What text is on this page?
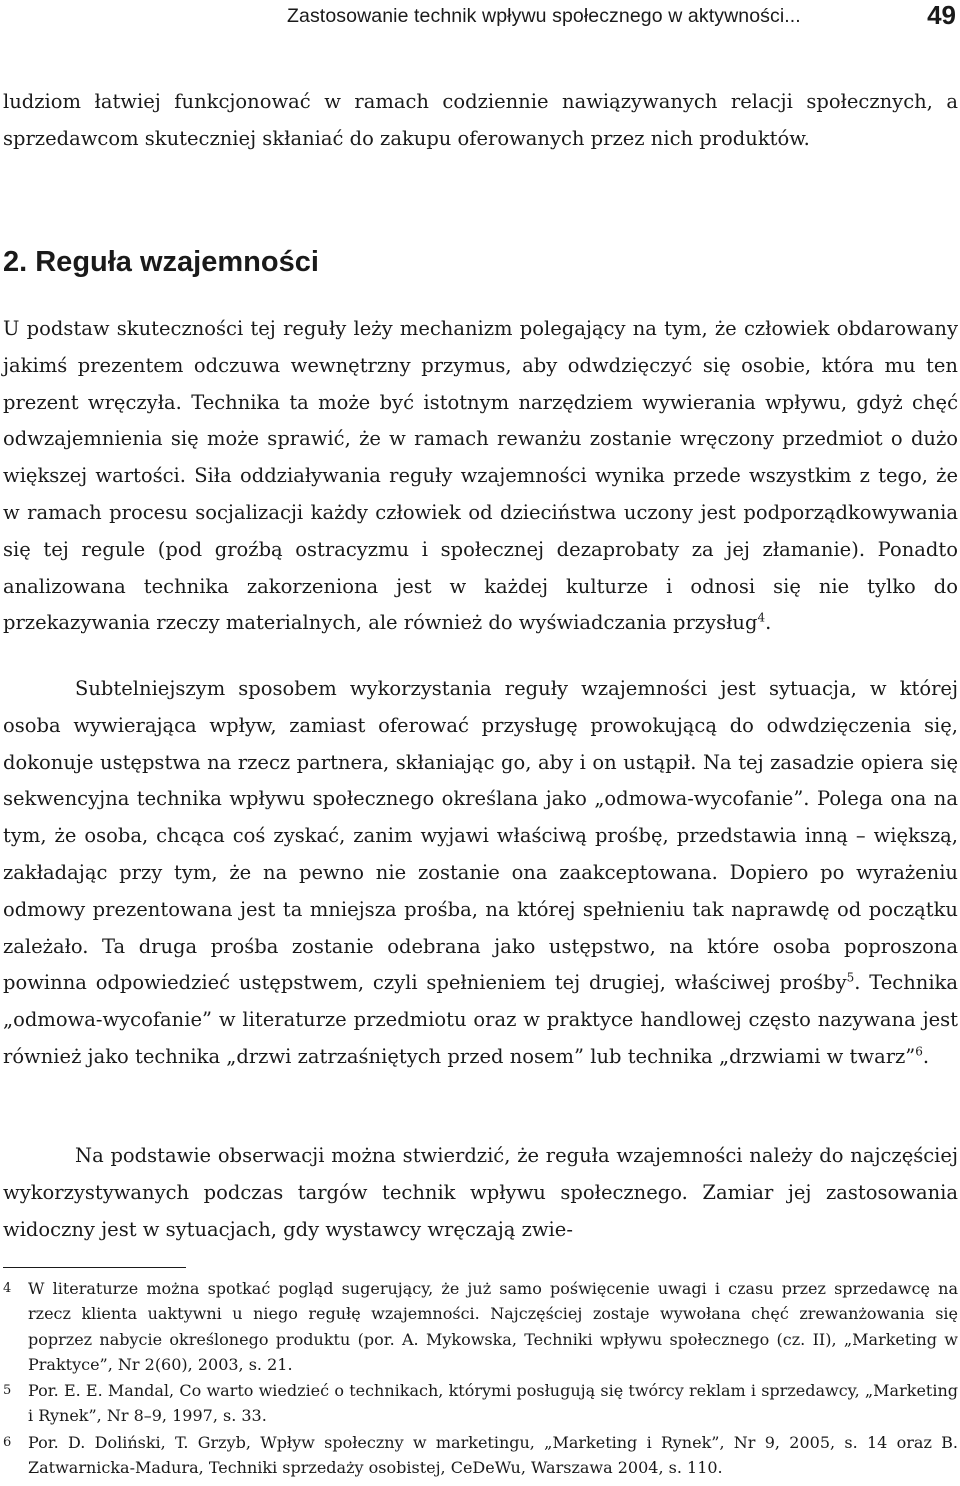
Zastosowanie technik wpływu społecznego w aktywności...	49

ludziom łatwiej funkcjonować w ramach codziennie nawiązywanych relacji społecznych, a sprzedawcom skuteczniej skłaniać do zakupu oferowanych przez nich produktów.

2. Reguła wzajemności

U podstaw skuteczności tej reguły leży mechanizm polegający na tym, że człowiek obdarowany jakimś prezentem odczuwa wewnętrzny przymus, aby odwdzięczyć się osobie, która mu ten prezent wręczyła. Technika ta może być istotnym narzędziem wywierania wpływu, gdyż chęć odwzajemnienia się może sprawić, że w ramach rewanżu zostanie wręczony przedmiot o dużo większej wartości. Siła oddziaływania reguły wzajemności wynika przede wszystkim z tego, że w ramach procesu socjalizacji każdy człowiek od dzieciństwa uczony jest podporządkowywania się tej regule (pod groźbą ostracyzmu i społecznej dezaprobaty za jej złamanie). Ponadto analizowana technika zakorzeniona jest w każdej kulturze i odnosi się nie tylko do przekazywania rzeczy materialnych, ale również do wyświadczania przysług$^4$.

Subtelniejszym sposobem wykorzystania reguły wzajemności jest sytuacja, w której osoba wywierająca wpływ, zamiast oferować przysługę prowokującą do odwdzięczenia się, dokonuje ustępstwa na rzecz partnera, skłaniając go, aby i on ustąpił. Na tej zasadzie opiera się sekwencyjna technika wpływu społecznego określana jako „odmowa-wycofanie”. Polega ona na tym, że osoba, chcąca coś zyskać, zanim wyjawi właściwą prośbę, przedstawia inną – większą, zakładając przy tym, że na pewno nie zostanie ona zaakceptowana. Dopiero po wyrażeniu odmowy prezentowana jest ta mniejsza prośba, na której spełnieniu tak naprawdę od początku zależało. Ta druga prośba zostanie odebrana jako ustępstwo, na które osoba poproszona powinna odpowiedzieć ustępstwem, czyli spełnieniem tej drugiej, właściwej prośby$^5$. Technika „odmowa-wycofanie” w literaturze przedmiotu oraz w praktyce handlowej często nazywana jest również jako technika „drzwi zatrzaśniętych przed nosem” lub technika „drzwiami w twarz”$^6$.

Na podstawie obserwacji można stwierdzić, że reguła wzajemności należy do najczęściej wykorzystywanych podczas targów technik wpływu społecznego. Zamiar jej zastosowania widoczny jest w sytuacjach, gdy wystawcy wręczają zwie-

4 W literaturze można spotkać pogląd sugerujący, że już samo poświęcenie uwagi i czasu przez sprzedawcę na rzecz klienta uaktywni u niego regułę wzajemności. Najczęściej zostaje wywołana chęć zrewanżowania się poprzez nabycie określonego produktu (por. A. Mykowska, Techniki wpływu społecznego (cz. II), „Marketing w Praktyce”, Nr 2(60), 2003, s. 21.

5 Por. E. E. Mandal, Co warto wiedzieć o technikach, którymi posługują się twórcy reklam i sprzedawcy, „Marketing i Rynek”, Nr 8–9, 1997, s. 33.

6 Por. D. Doliński, T. Grzyb, Wpływ społeczny w marketingu, „Marketing i Rynek”, Nr 9, 2005, s. 14 oraz B. Zatwarnicka-Madura, Techniki sprzedaży osobistej, CeDeWu, Warszawa 2004, s. 110.
